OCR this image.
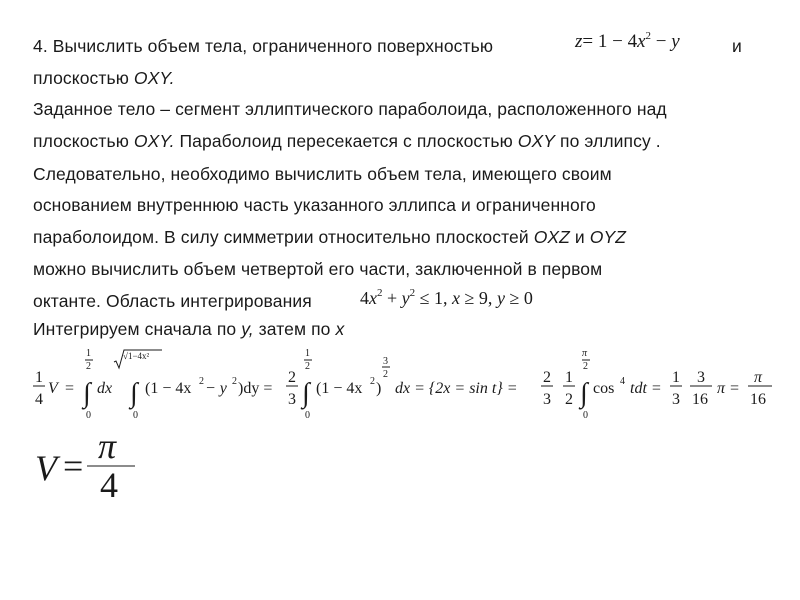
4. Вычислить объем тела, ограниченного поверхностью	$z= 1 - 4x^2 - y$	и
плоскостью OXY.
Заданное тело – сегмент эллиптического параболоида, расположенного над
плоскостью OXY. Параболоид пересекается с плоскостью OXY по эллипсу .
Следовательно, необходимо вычислить объем тела, имеющего своим
основанием внутреннюю часть указанного эллипса и ограниченного
параболоидом. В силу симметрии относительно плоскостей OXZ и OYZ
можно вычислить объем четвертой его части, заключенной в первом
октанте. Область интегрирования	$4x^2 + y^2 \le 1$, x ≥ 9, y ≥ 0
Интегрируем сначала по y, затем по x
1
4
V =
1
2
∫
0
dx
√1−4x²
∫
0
(1 − 4x 2 − y 2 )dy =
2
3
1
2
∫
0
(1 − 4x 2 )
3
2
dx = {2x = sin t} =
2
3
1
2
π
2
∫
0
cos 4 tdt =
1
3
3
16
π =
π
16
V = π
4
